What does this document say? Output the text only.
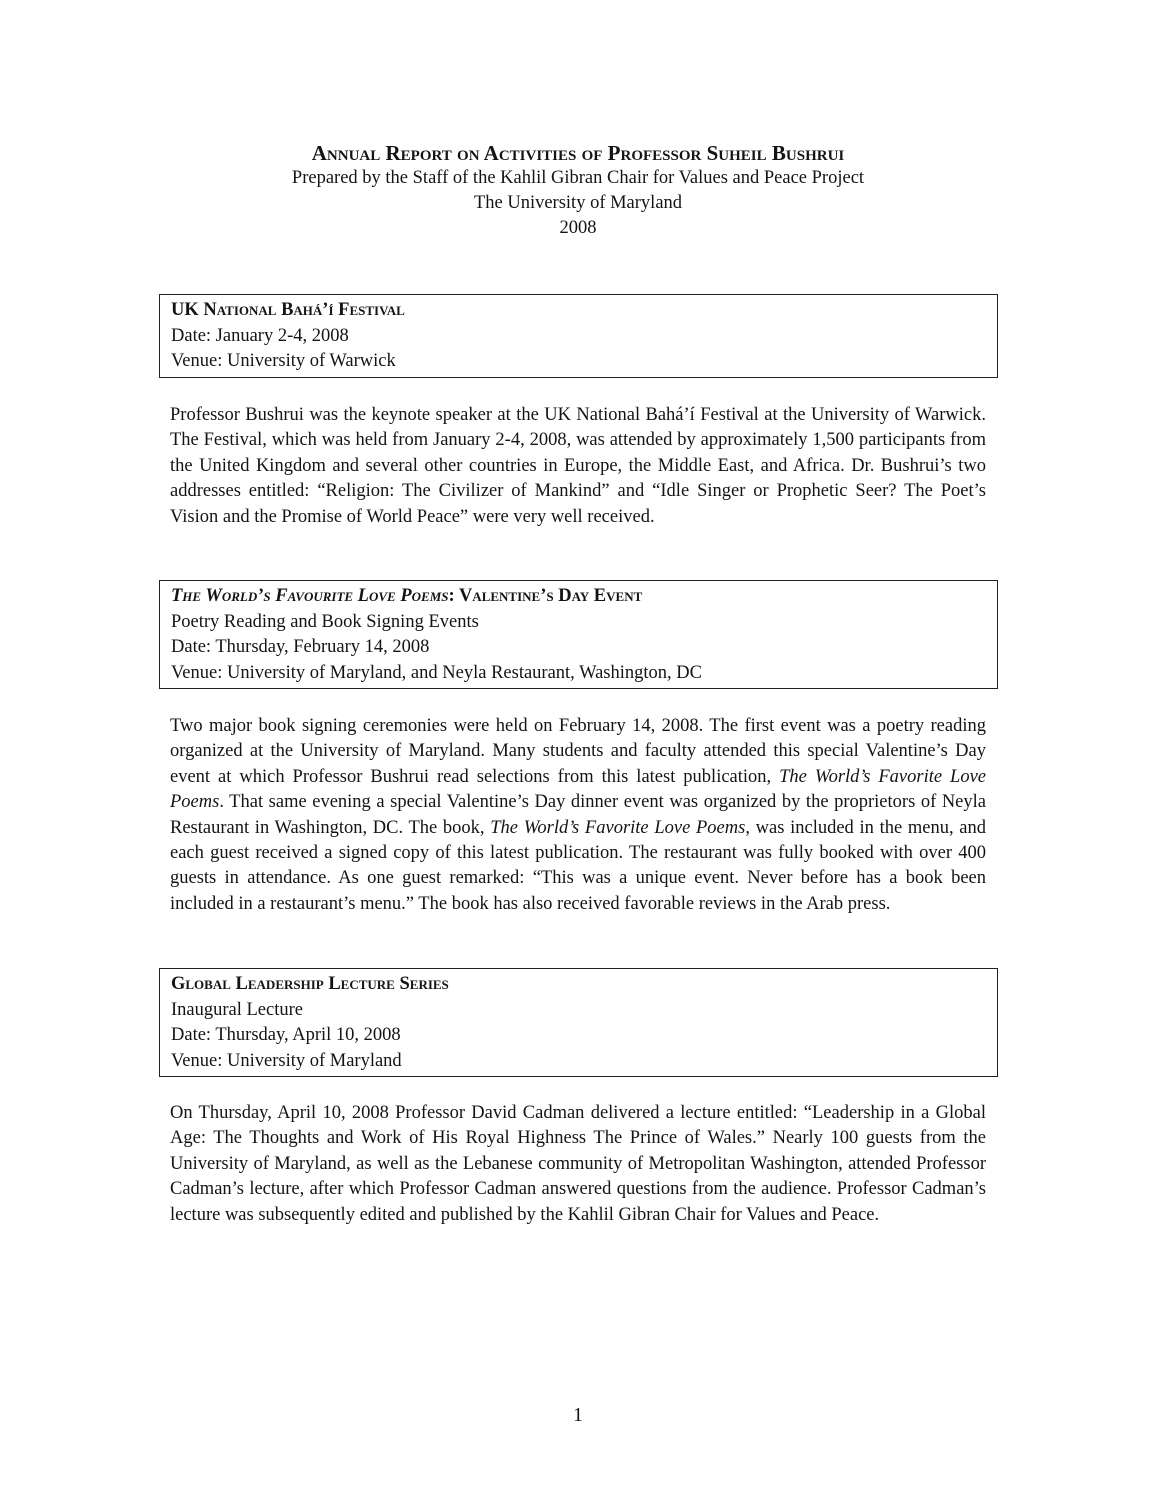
Annual Report on Activities of Professor Suheil Bushrui
Prepared by the Staff of the Kahlil Gibran Chair for Values and Peace Project
The University of Maryland
2008
UK National Bahá’í Festival
Date: January 2-4, 2008
Venue: University of Warwick
Professor Bushrui was the keynote speaker at the UK National Bahá’í Festival at the University of Warwick. The Festival, which was held from January 2-4, 2008, was attended by approximately 1,500 participants from the United Kingdom and several other countries in Europe, the Middle East, and Africa. Dr. Bushrui’s two addresses entitled: “Religion: The Civilizer of Mankind” and “Idle Singer or Prophetic Seer? The Poet’s Vision and the Promise of World Peace” were very well received.
The World’s Favourite Love Poems: Valentine’s Day Event
Poetry Reading and Book Signing Events
Date: Thursday, February 14, 2008
Venue: University of Maryland, and Neyla Restaurant, Washington, DC
Two major book signing ceremonies were held on February 14, 2008. The first event was a poetry reading organized at the University of Maryland. Many students and faculty attended this special Valentine’s Day event at which Professor Bushrui read selections from this latest publication, The World’s Favorite Love Poems. That same evening a special Valentine’s Day dinner event was organized by the proprietors of Neyla Restaurant in Washington, DC. The book, The World’s Favorite Love Poems, was included in the menu, and each guest received a signed copy of this latest publication. The restaurant was fully booked with over 400 guests in attendance. As one guest remarked: “This was a unique event. Never before has a book been included in a restaurant’s menu.” The book has also received favorable reviews in the Arab press.
Global Leadership Lecture Series
Inaugural Lecture
Date: Thursday, April 10, 2008
Venue: University of Maryland
On Thursday, April 10, 2008 Professor David Cadman delivered a lecture entitled: “Leadership in a Global Age: The Thoughts and Work of His Royal Highness The Prince of Wales.” Nearly 100 guests from the University of Maryland, as well as the Lebanese community of Metropolitan Washington, attended Professor Cadman’s lecture, after which Professor Cadman answered questions from the audience. Professor Cadman’s lecture was subsequently edited and published by the Kahlil Gibran Chair for Values and Peace.
1
